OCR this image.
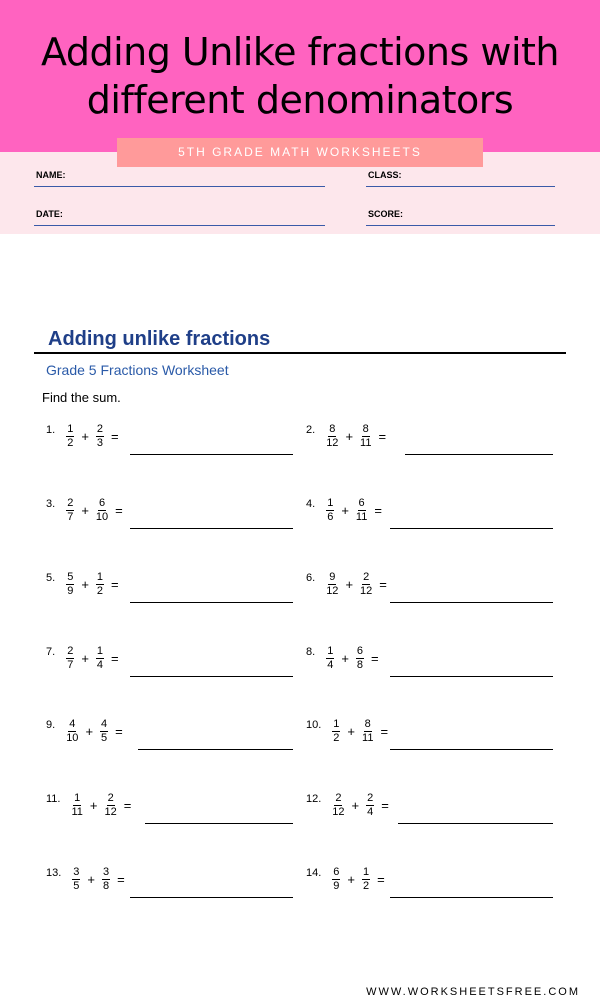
Adding Unlike fractions with
different denominators
5TH GRADE MATH WORKSHEETS
NAME:	CLASS:
DATE:	SCORE:
Adding unlike fractions
Grade 5 Fractions Worksheet
Find the sum.
1. $\frac{1}{2} + \frac{2}{3}$ =	2. $\frac{8}{12} + \frac{8}{11}$ =
3. $\frac{2}{7} + \frac{6}{10}$ =	4. $\frac{1}{6} + \frac{6}{11}$ =
5. $\frac{5}{9} + \frac{1}{2}$ =	6. $\frac{9}{12} + \frac{2}{12}$ =
7. $\frac{2}{7} + \frac{1}{4}$ =	8. $\frac{1}{4} + \frac{6}{8}$ =
9. $\frac{4}{10} + \frac{4}{5}$ =	10. $\frac{1}{2} + \frac{8}{11}$ =
11. $\frac{1}{11} + \frac{2}{12}$ =	12. $\frac{2}{12} + \frac{2}{4}$ =
13. $\frac{3}{5} + \frac{3}{8}$ =	14. $\frac{6}{9} + \frac{1}{2}$ =
WWW.WORKSHEETSFREE.COM
